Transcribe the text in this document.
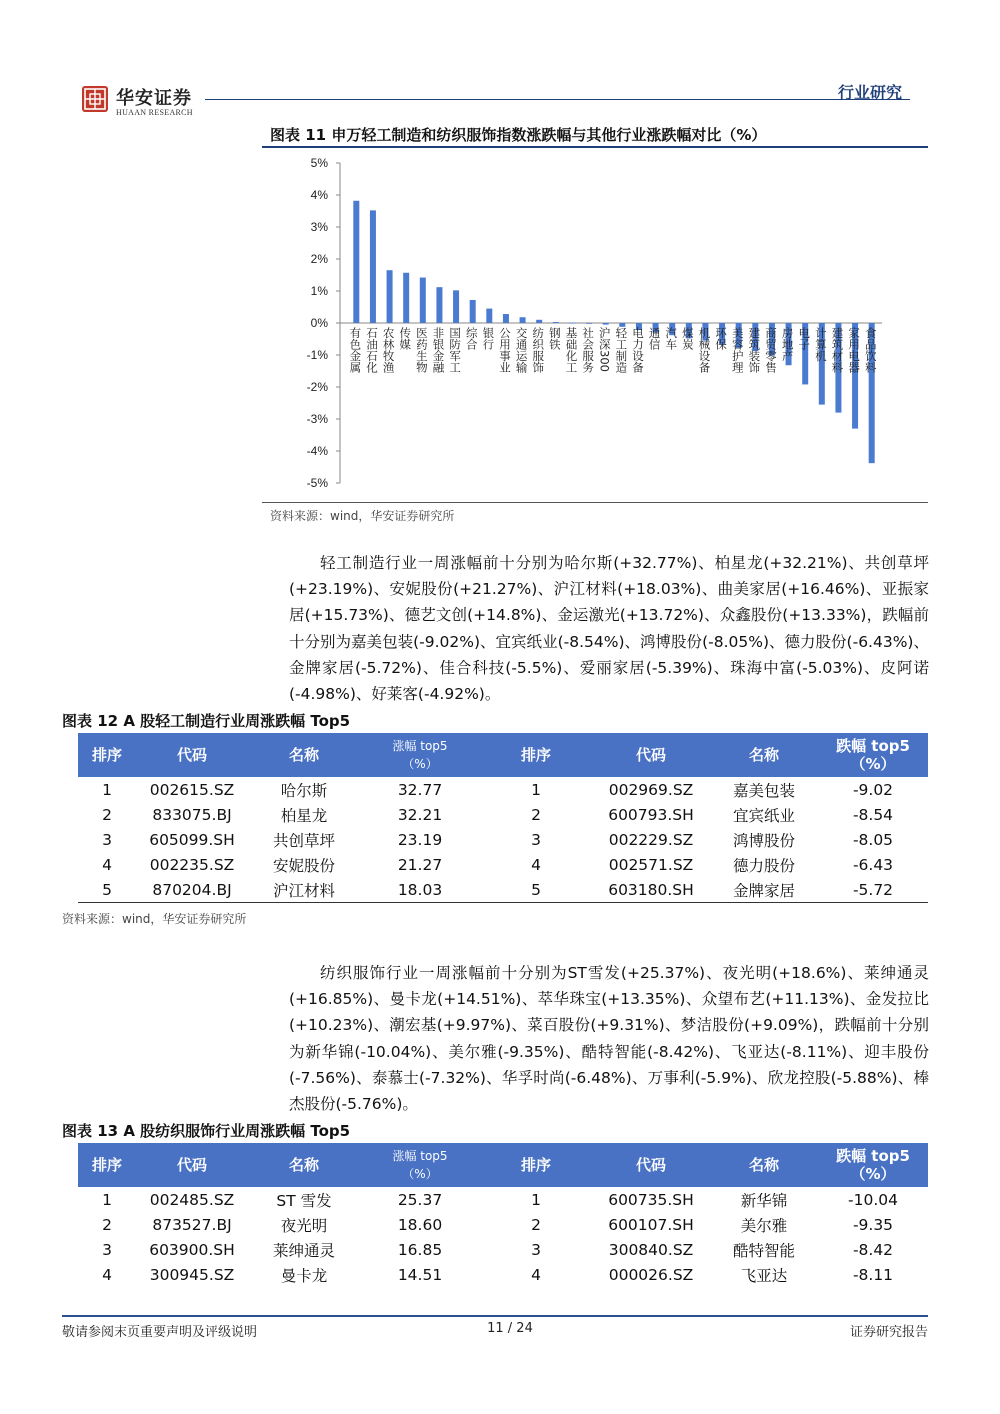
华安证券
HUAAN RESEARCH
行业研究
图表 11 申万轻工制造和纺织服饰指数涨跌幅与其他行业涨跌幅对比（%）
5%
4%
3%
2%
1%
0%
-1%
-2%
-3%
-4%
-5%
有色金属 石油石化 农林牧渔 传媒 医药生物 非银金融 国防军工 综合 银行 公用事业 交通运输 纺织服饰 钢铁 基础化工 社会服务 沪深300 轻工制造 电力设备 通信 汽车 煤炭 机械设备 环保 美容护理 建筑装饰 商贸零售 房地产 电子 计算机 建筑材料 家用电器 食品饮料
资料来源：wind，华安证券研究所

轻工制造行业一周涨幅前十分别为哈尔斯(+32.77%)、柏星龙(+32.21%)、共创草坪(+23.19%)、安妮股份(+21.27%)、沪江材料(+18.03%)、曲美家居(+16.46%)、亚振家居(+15.73%)、德艺文创(+14.8%)、金运激光(+13.72%)、众鑫股份(+13.33%)，跌幅前十分别为嘉美包装(-9.02%)、宜宾纸业(-8.54%)、鸿博股份(-8.05%)、德力股份(-6.43%)、金牌家居(-5.72%)、佳合科技(-5.5%)、爱丽家居(-5.39%)、珠海中富(-5.03%)、皮阿诺(-4.98%)、好莱客(-4.92%)。

图表 12 A 股轻工制造行业周涨跌幅 Top5
排序	代码	名称	涨幅 top5
（%）	排序	代码	名称	跌幅 top5
（%）
1	002615.SZ	哈尔斯	32.77	1	002969.SZ	嘉美包装	-9.02
2	833075.BJ	柏星龙	32.21	2	600793.SH	宜宾纸业	-8.54
3	605099.SH	共创草坪	23.19	3	002229.SZ	鸿博股份	-8.05
4	002235.SZ	安妮股份	21.27	4	002571.SZ	德力股份	-6.43
5	870204.BJ	沪江材料	18.03	5	603180.SH	金牌家居	-5.72
资料来源：wind，华安证券研究所

纺织服饰行业一周涨幅前十分别为ST雪发(+25.37%)、夜光明(+18.6%)、莱绅通灵(+16.85%)、曼卡龙(+14.51%)、萃华珠宝(+13.35%)、众望布艺(+11.13%)、金发拉比(+10.23%)、潮宏基(+9.97%)、菜百股份(+9.31%)、梦洁股份(+9.09%)，跌幅前十分别为新华锦(-10.04%)、美尔雅(-9.35%)、酷特智能(-8.42%)、飞亚达(-8.11%)、迎丰股份(-7.56%)、泰慕士(-7.32%)、华孚时尚(-6.48%)、万事利(-5.9%)、欣龙控股(-5.88%)、棒杰股份(-5.76%)。

图表 13 A 股纺织服饰行业周涨跌幅 Top5
排序	代码	名称	涨幅 top5
（%）	排序	代码	名称	跌幅 top5
（%）
1	002485.SZ	ST 雪发	25.37	1	600735.SH	新华锦	-10.04
2	873527.BJ	夜光明	18.60	2	600107.SH	美尔雅	-9.35
3	603900.SH	莱绅通灵	16.85	3	300840.SZ	酷特智能	-8.42
4	300945.SZ	曼卡龙	14.51	4	000026.SZ	飞亚达	-8.11
敬请参阅末页重要声明及评级说明	11 / 24	证券研究报告
